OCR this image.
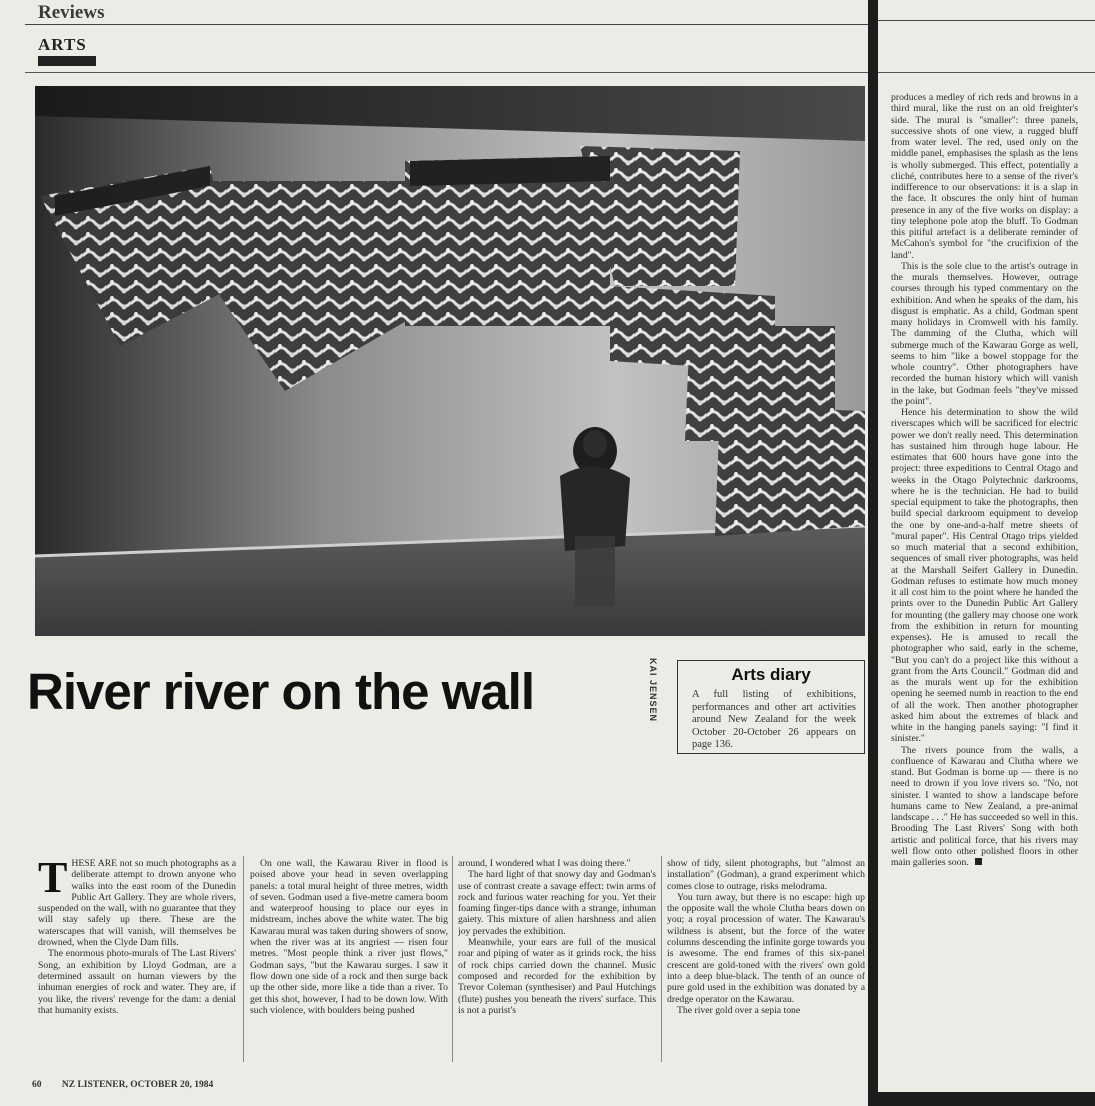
Reviews
ARTS
KAI JENSEN
River river on the wall	Arts diary
A full listing of exhibitions, performances and other art activities around New Zealand for the week October 20-October 26 appears on page 136.

THESE ARE not so much photographs as a deliberate attempt to drown anyone who walks into the east room of the Dunedin Public Art Gallery. They are whole rivers, suspended on the wall, with no guarantee that they will stay safely up there. These are the waterscapes that will vanish, will themselves be drowned, when the Clyde Dam fills.

The enormous photo-murals of The Last Rivers' Song, an exhibition by Lloyd Godman, are a determined assault on human viewers by the inhuman energies of rock and water. They are, if you like, the rivers' revenge for the dam: a denial that humanity exists.

On one wall, the Kawarau River in flood is poised above your head in seven overlapping panels: a total mural height of three metres, width of seven. Godman used a five-metre camera boom and waterproof housing to place our eyes in midstream, inches above the white water. The big Kawarau mural was taken during showers of snow, when the river was at its angriest — risen four metres. "Most people think a river just flows," Godman says, "but the Kawarau surges. I saw it flow down one side of a rock and then surge back up the other side, more like a tide than a river. To get this shot, however, I had to be down low. With such violence, with boulders being pushed

around, I wondered what I was doing there."

The hard light of that snowy day and Godman's use of contrast create a savage effect: twin arms of rock and furious water reaching for you. Yet their foaming finger-tips dance with a strange, inhuman gaiety. This mixture of alien harshness and alien joy pervades the exhibition.

Meanwhile, your ears are full of the musical roar and piping of water as it grinds rock, the hiss of rock chips carried down the channel. Music composed and recorded for the exhibition by Trevor Coleman (synthesiser) and Paul Hutchings (flute) pushes you beneath the rivers' surface. This is not a purist's

show of tidy, silent photographs, but "almost an installation" (Godman), a grand experiment which comes close to outrage, risks melodrama.

You turn away, but there is no escape: high up the opposite wall the whole Clutha bears down on you; a royal procession of water. The Kawarau's wildness is absent, but the force of the water columns descending the infinite gorge towards you is awesome. The end frames of this six-panel crescent are gold-toned with the rivers' own gold into a deep blue-black. The tenth of an ounce of pure gold used in the exhibition was donated by a dredge operator on the Kawarau.

The river gold over a sepia tone

60 NZ LISTENER, OCTOBER 20, 1984

produces a medley of rich reds and browns in a third mural, like the rust on an old freighter's side. The mural is "smaller": three panels, successive shots of one view, a rugged bluff from water level. The red, used only on the middle panel, emphasises the splash as the lens is wholly submerged. This effect, potentially a cliché, contributes here to a sense of the river's indifference to our observations: it is a slap in the face. It obscures the only hint of human presence in any of the five works on display: a tiny telephone pole atop the bluff. To Godman this pitiful artefact is a deliberate reminder of McCahon's symbol for "the crucifixion of the land".

This is the sole clue to the artist's outrage in the murals themselves. However, outrage courses through his typed commentary on the exhibition. And when he speaks of the dam, his disgust is emphatic. As a child, Godman spent many holidays in Cromwell with his family. The damming of the Clutha, which will submerge much of the Kawarau Gorge as well, seems to him "like a bowel stoppage for the whole country". Other photographers have recorded the human history which will vanish in the lake, but Godman feels "they've missed the point".

Hence his determination to show the wild riverscapes which will be sacrificed for electric power we don't really need. This determination has sustained him through huge labour. He estimates that 600 hours have gone into the project: three expeditions to Central Otago and weeks in the Otago Polytechnic darkrooms, where he is the technician. He had to build special equipment to take the photographs, then build special darkroom equipment to develop the one by one-and-a-half metre sheets of "mural paper". His Central Otago trips yielded so much material that a second exhibition, sequences of small river photographs, was held at the Marshall Seifert Gallery in Dunedin. Godman refuses to estimate how much money it all cost him to the point where he handed the prints over to the Dunedin Public Art Gallery for mounting (the gallery may choose one work from the exhibition in return for mounting expenses). He is amused to recall the photographer who said, early in the scheme, "But you can't do a project like this without a grant from the Arts Council." Godman did and as the murals went up for the exhibition opening he seemed numb in reaction to the end of all the work. Then another photographer asked him about the extremes of black and white in the hanging panels saying: "I find it sinister."

The rivers pounce from the walls, a confluence of Kawarau and Clutha where we stand. But Godman is borne up — there is no need to drown if you love rivers so. "No, not sinister. I wanted to show a landscape before humans came to New Zealand, a pre-animal landscape . . ." He has succeeded so well in this. Brooding The Last Rivers' Song with both artistic and political force, that his rivers may well flow onto other polished floors in other main galleries soon.
